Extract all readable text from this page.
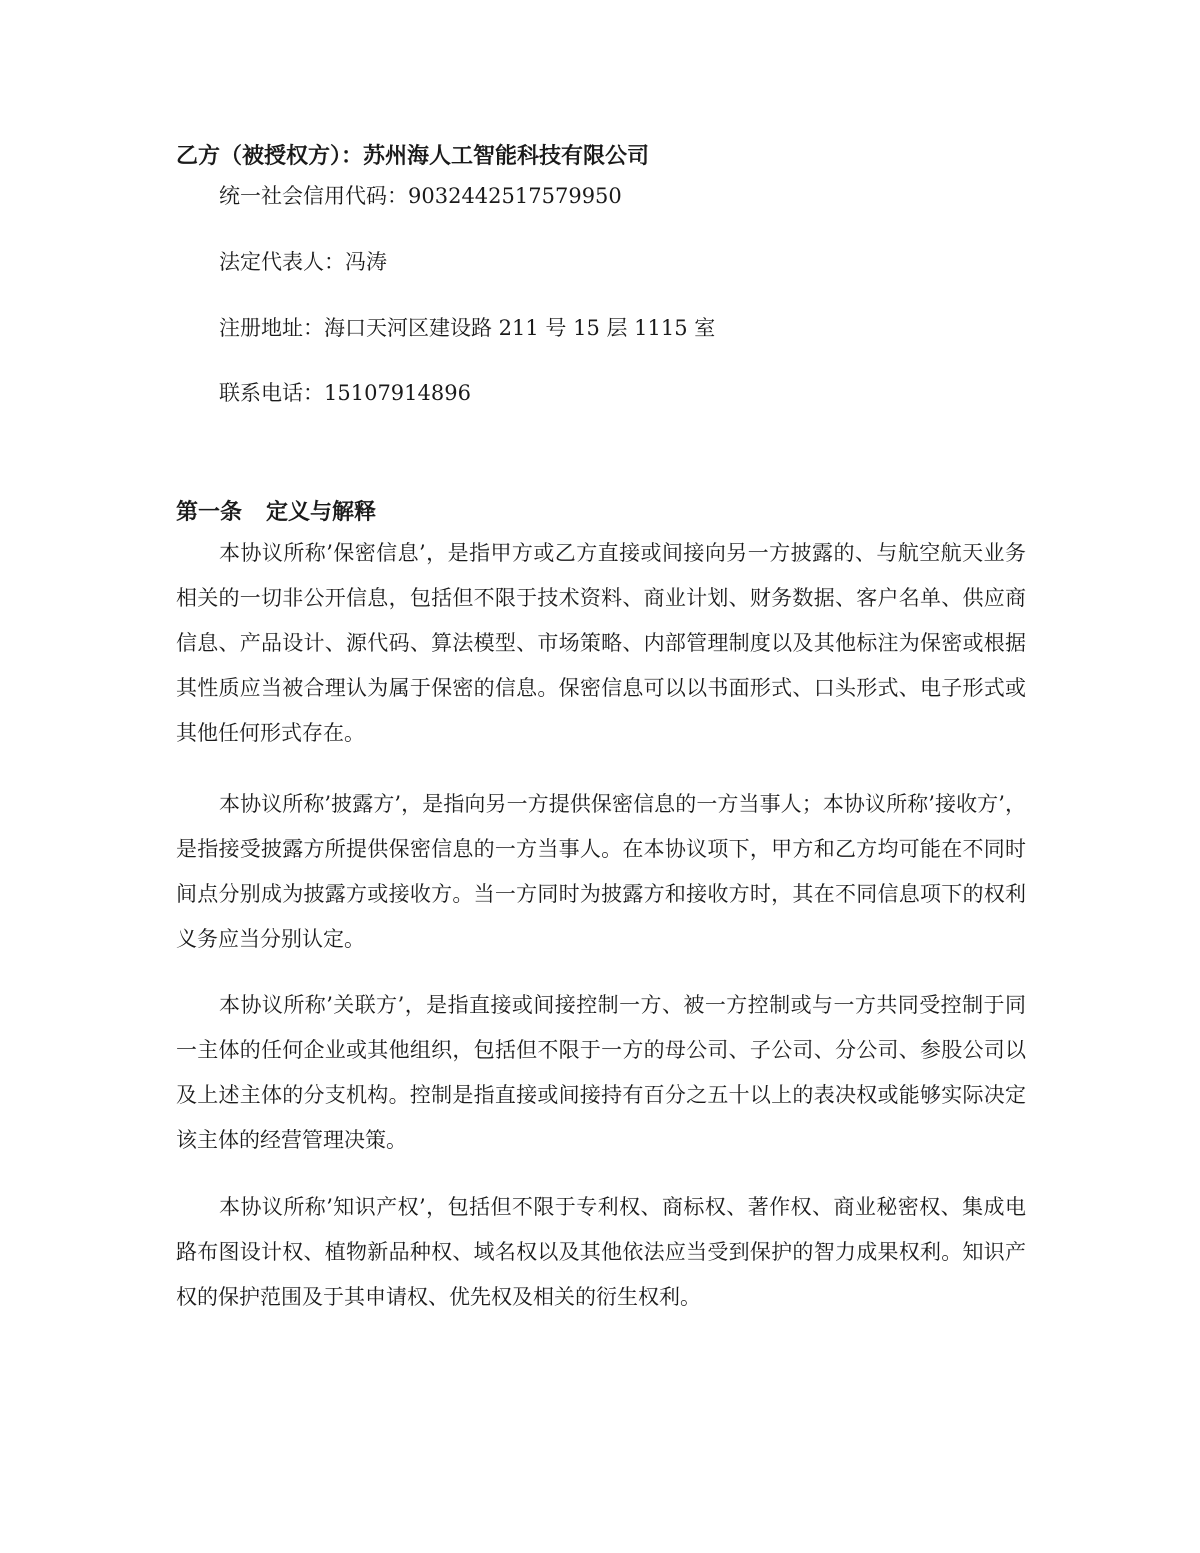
乙方（被授权方）：苏州海人工智能科技有限公司
统一社会信用代码：9032442517579950
法定代表人：冯涛
注册地址：海口天河区建设路 211 号 15 层 1115 室
联系电话：15107914896
第一条 定义与解释

本协议所称’保密信息’，是指甲方或乙方直接或间接向另一方披露的、与航空航天业务相关的一切非公开信息，包括但不限于技术资料、商业计划、财务数据、客户名单、供应商信息、产品设计、源代码、算法模型、市场策略、内部管理制度以及其他标注为保密或根据其性质应当被合理认为属于保密的信息。保密信息可以以书面形式、口头形式、电子形式或其他任何形式存在。

本协议所称’披露方’，是指向另一方提供保密信息的一方当事人；本协议所称’接收方’，是指接受披露方所提供保密信息的一方当事人。在本协议项下，甲方和乙方均可能在不同时间点分别成为披露方或接收方。当一方同时为披露方和接收方时，其在不同信息项下的权利义务应当分别认定。

本协议所称’关联方’，是指直接或间接控制一方、被一方控制或与一方共同受控制于同一主体的任何企业或其他组织，包括但不限于一方的母公司、子公司、分公司、参股公司以及上述主体的分支机构。控制是指直接或间接持有百分之五十以上的表决权或能够实际决定该主体的经营管理决策。

本协议所称’知识产权’，包括但不限于专利权、商标权、著作权、商业秘密权、集成电路布图设计权、植物新品种权、域名权以及其他依法应当受到保护的智力成果权利。知识产权的保护范围及于其申请权、优先权及相关的衍生权利。
